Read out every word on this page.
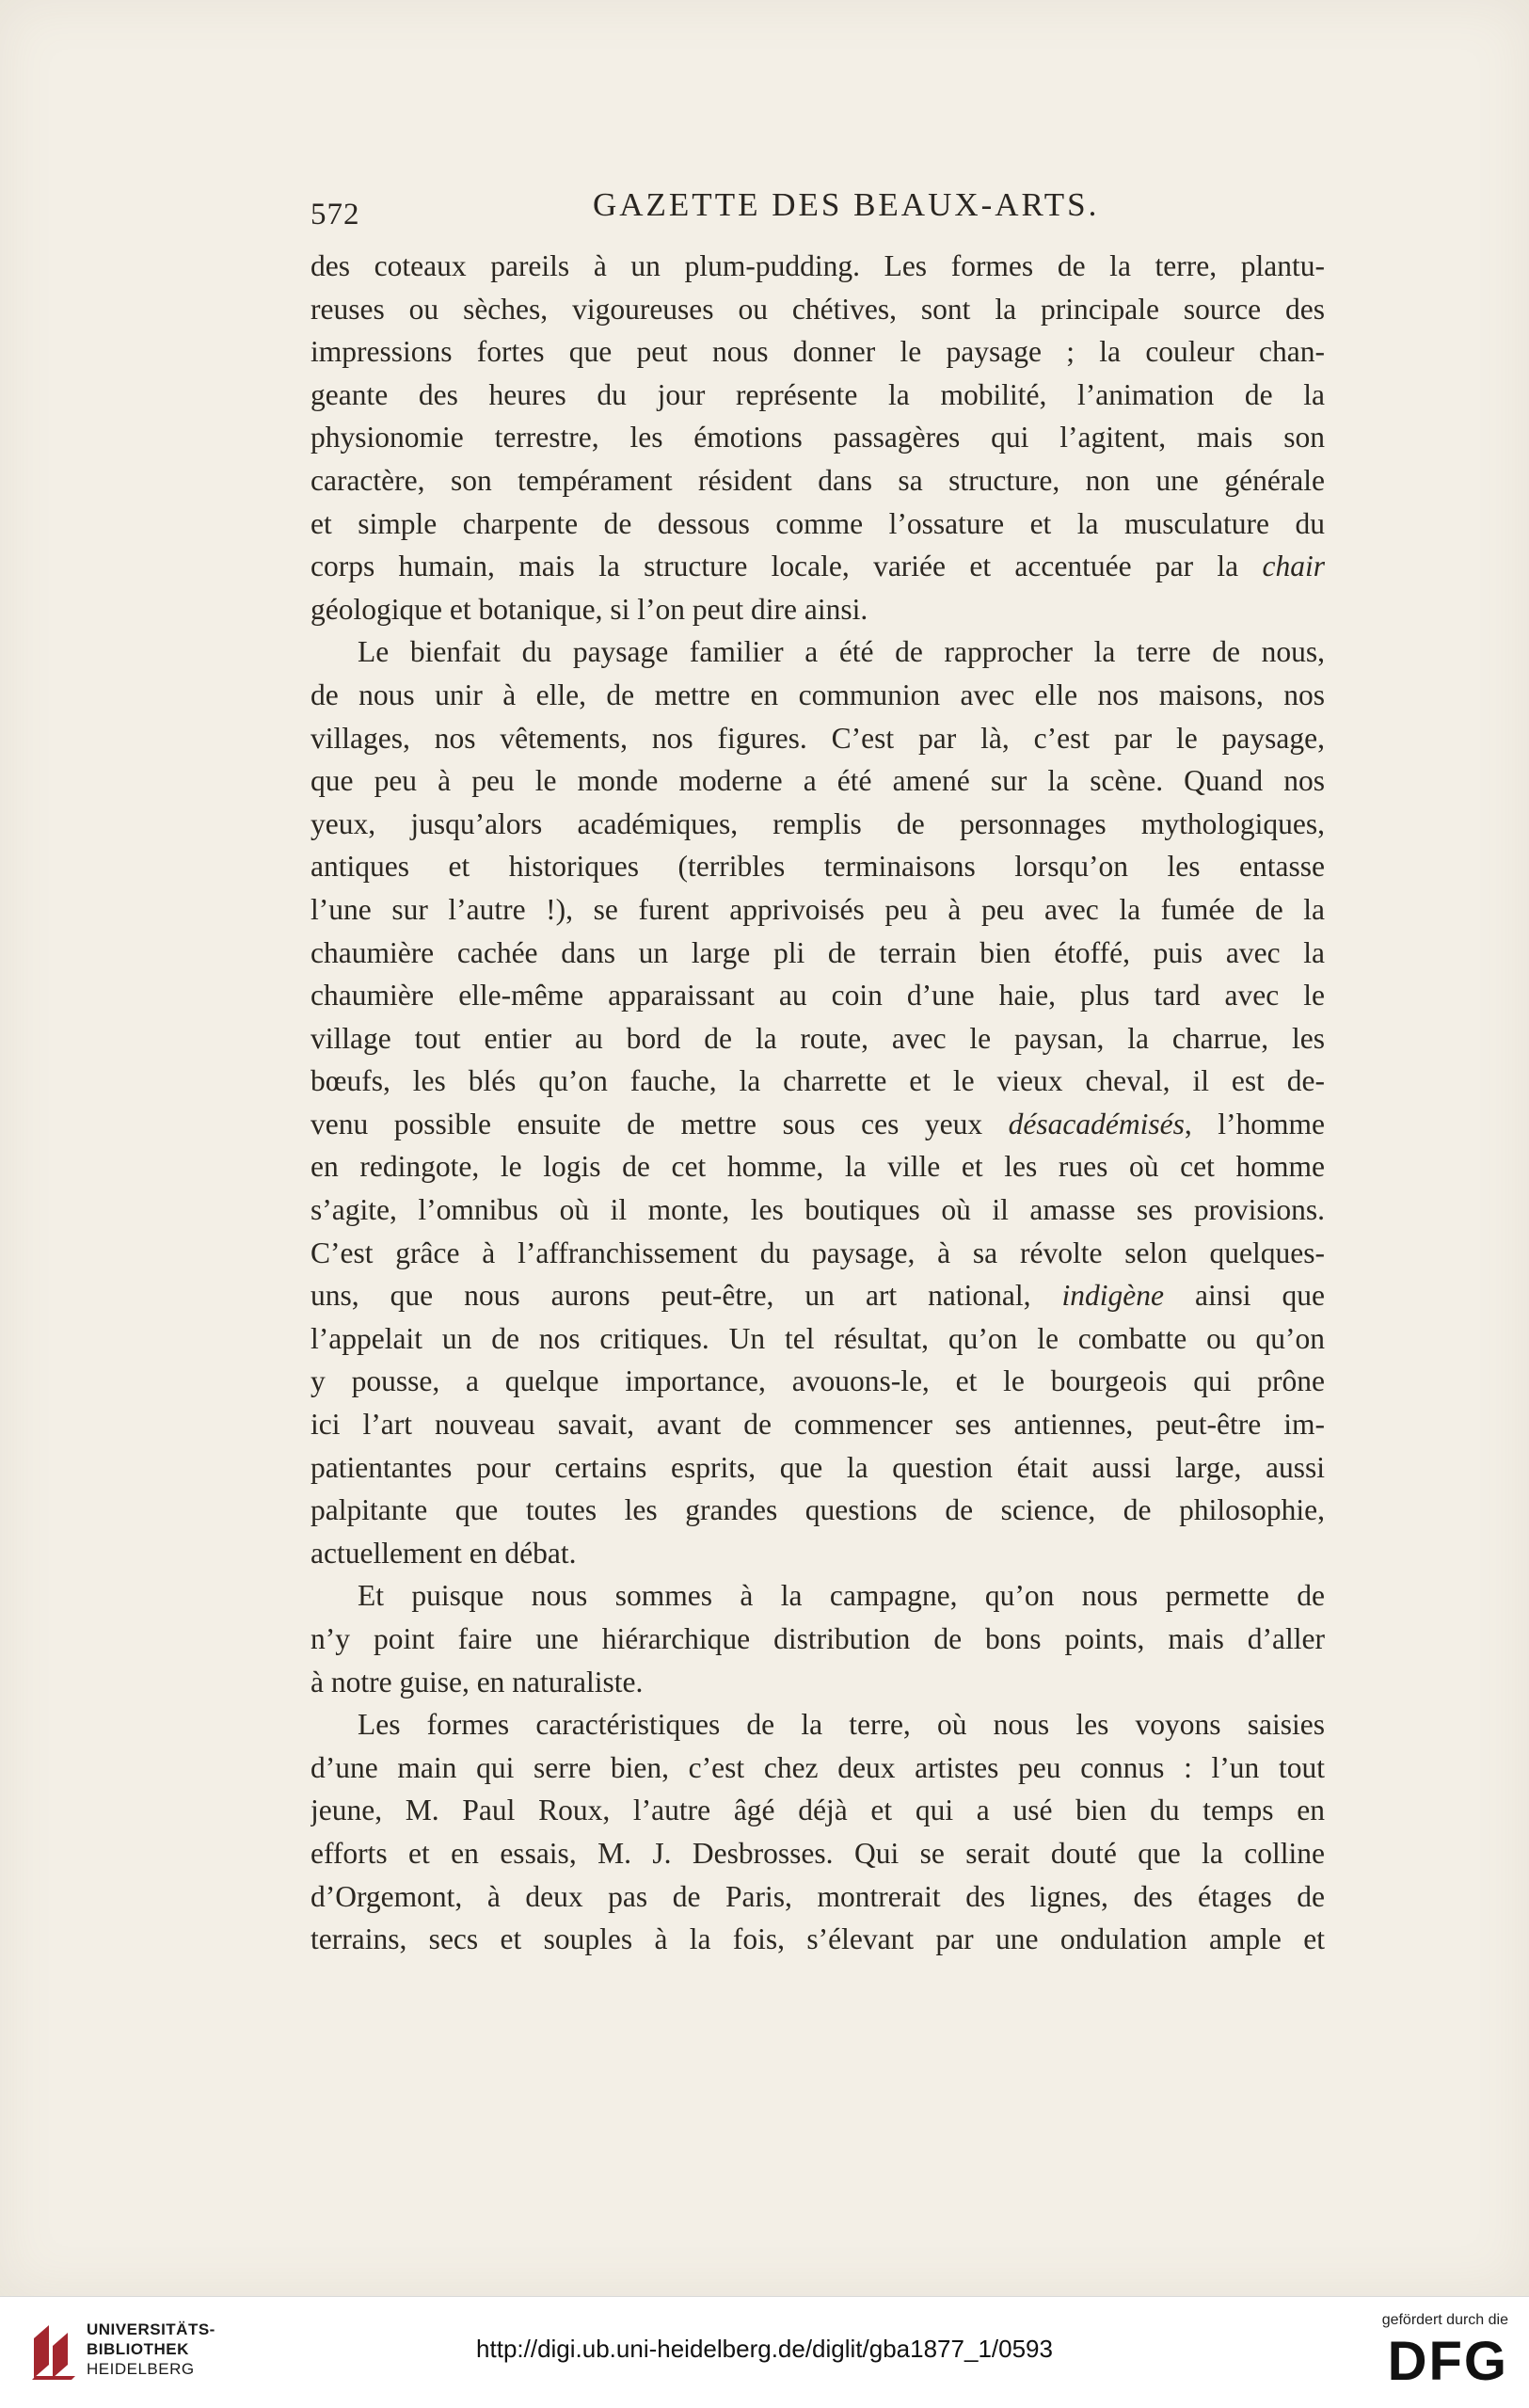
572	GAZETTE DES BEAUX-ARTS.
des coteaux pareils à un plum-pudding. Les formes de la terre, plantu-
reuses ou sèches, vigoureuses ou chétives, sont la principale source des
impressions fortes que peut nous donner le paysage ; la couleur chan-
geante des heures du jour représente la mobilité, l’animation de la
physionomie terrestre, les émotions passagères qui l’agitent, mais son
caractère, son tempérament résident dans sa structure, non une générale
et simple charpente de dessous comme l’ossature et la musculature du
corps humain, mais la structure locale, variée et accentuée par la chair
géologique et botanique, si l’on peut dire ainsi.
Le bienfait du paysage familier a été de rapprocher la terre de nous,
de nous unir à elle, de mettre en communion avec elle nos maisons, nos
villages, nos vêtements, nos figures. C’est par là, c’est par le paysage,
que peu à peu le monde moderne a été amené sur la scène. Quand nos
yeux, jusqu’alors académiques, remplis de personnages mythologiques,
antiques et historiques (terribles terminaisons lorsqu’on les entasse
l’une sur l’autre !), se furent apprivoisés peu à peu avec la fumée de la
chaumière cachée dans un large pli de terrain bien étoffé, puis avec la
chaumière elle-même apparaissant au coin d’une haie, plus tard avec le
village tout entier au bord de la route, avec le paysan, la charrue, les
bœufs, les blés qu’on fauche, la charrette et le vieux cheval, il est de-
venu possible ensuite de mettre sous ces yeux désacadémisés, l’homme
en redingote, le logis de cet homme, la ville et les rues où cet homme
s’agite, l’omnibus où il monte, les boutiques où il amasse ses provisions.
C’est grâce à l’affranchissement du paysage, à sa révolte selon quelques-
uns, que nous aurons peut-être, un art national, indigène ainsi que
l’appelait un de nos critiques. Un tel résultat, qu’on le combatte ou qu’on
y pousse, a quelque importance, avouons-le, et le bourgeois qui prône
ici l’art nouveau savait, avant de commencer ses antiennes, peut-être im-
patientantes pour certains esprits, que la question était aussi large, aussi
palpitante que toutes les grandes questions de science, de philosophie,
actuellement en débat.
Et puisque nous sommes à la campagne, qu’on nous permette de
n’y point faire une hiérarchique distribution de bons points, mais d’aller
à notre guise, en naturaliste.
Les formes caractéristiques de la terre, où nous les voyons saisies
d’une main qui serre bien, c’est chez deux artistes peu connus : l’un tout
jeune, M. Paul Roux, l’autre âgé déjà et qui a usé bien du temps en
efforts et en essais, M. J. Desbrosses. Qui se serait douté que la colline
d’Orgemont, à deux pas de Paris, montrerait des lignes, des étages de
terrains, secs et souples à la fois, s’élevant par une ondulation ample et
UNIVERSITÄTS-
BIBLIOTHEK
HEIDELBERG
http://digi.ub.uni-heidelberg.de/diglit/gba1877_1/0593
gefördert durch die
DFG
